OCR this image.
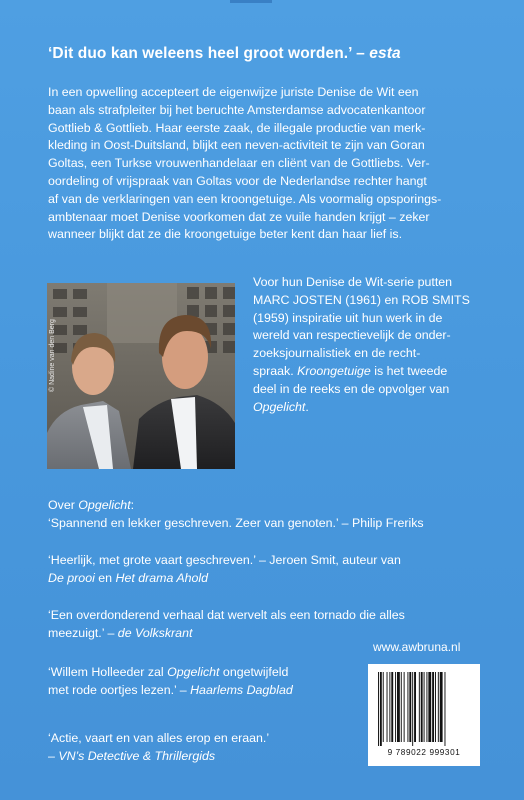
‘Dit duo kan weleens heel groot worden.’ – esta

In een opwelling accepteert de eigenwijze juriste Denise de Wit een

baan als strafpleiter bij het beruchte Amsterdamse advocatenkantoor

Gottlieb & Gottlieb. Haar eerste zaak, de illegale productie van merk-

kleding in Oost-Duitsland, blijkt een neven-activiteit te zijn van Goran

Goltas, een Turkse vrouwenhandelaar en cliënt van de Gottliebs. Ver-

oordeling of vrijspraak van Goltas voor de Nederlandse rechter hangt

af van de verklaringen van een kroongetuige. Als voormalig opsporings-

ambtenaar moet Denise voorkomen dat ze vuile handen krijgt – zeker

wanneer blijkt dat ze die kroongetuige beter kent dan haar lief is.

© Nadine van den Berg

Voor hun Denise de Wit-serie putten

MARC JOSTEN (1961) en ROB SMITS

(1959) inspiratie uit hun werk in de

wereld van respectievelijk de onder-

zoeksjournalistiek en de recht-

spraak. Kroongetuige is het tweede

deel in de reeks en de opvolger van

Opgelicht.

Over Opgelicht:

‘Spannend en lekker geschreven. Zeer van genoten.’ – Philip Freriks

‘Heerlijk, met grote vaart geschreven.’ – Jeroen Smit, auteur van

De prooi en Het drama Ahold

‘Een overdonderend verhaal dat wervelt als een tornado die alles

meezuigt.’ – de Volkskrant

‘Willem Holleeder zal Opgelicht ongetwijfeld

met rode oortjes lezen.’ – Haarlems Dagblad

‘Actie, vaart en van alles erop en eraan.’

– VN’s Detective & Thrillergids

www.awbruna.nl
9 789022 999301
